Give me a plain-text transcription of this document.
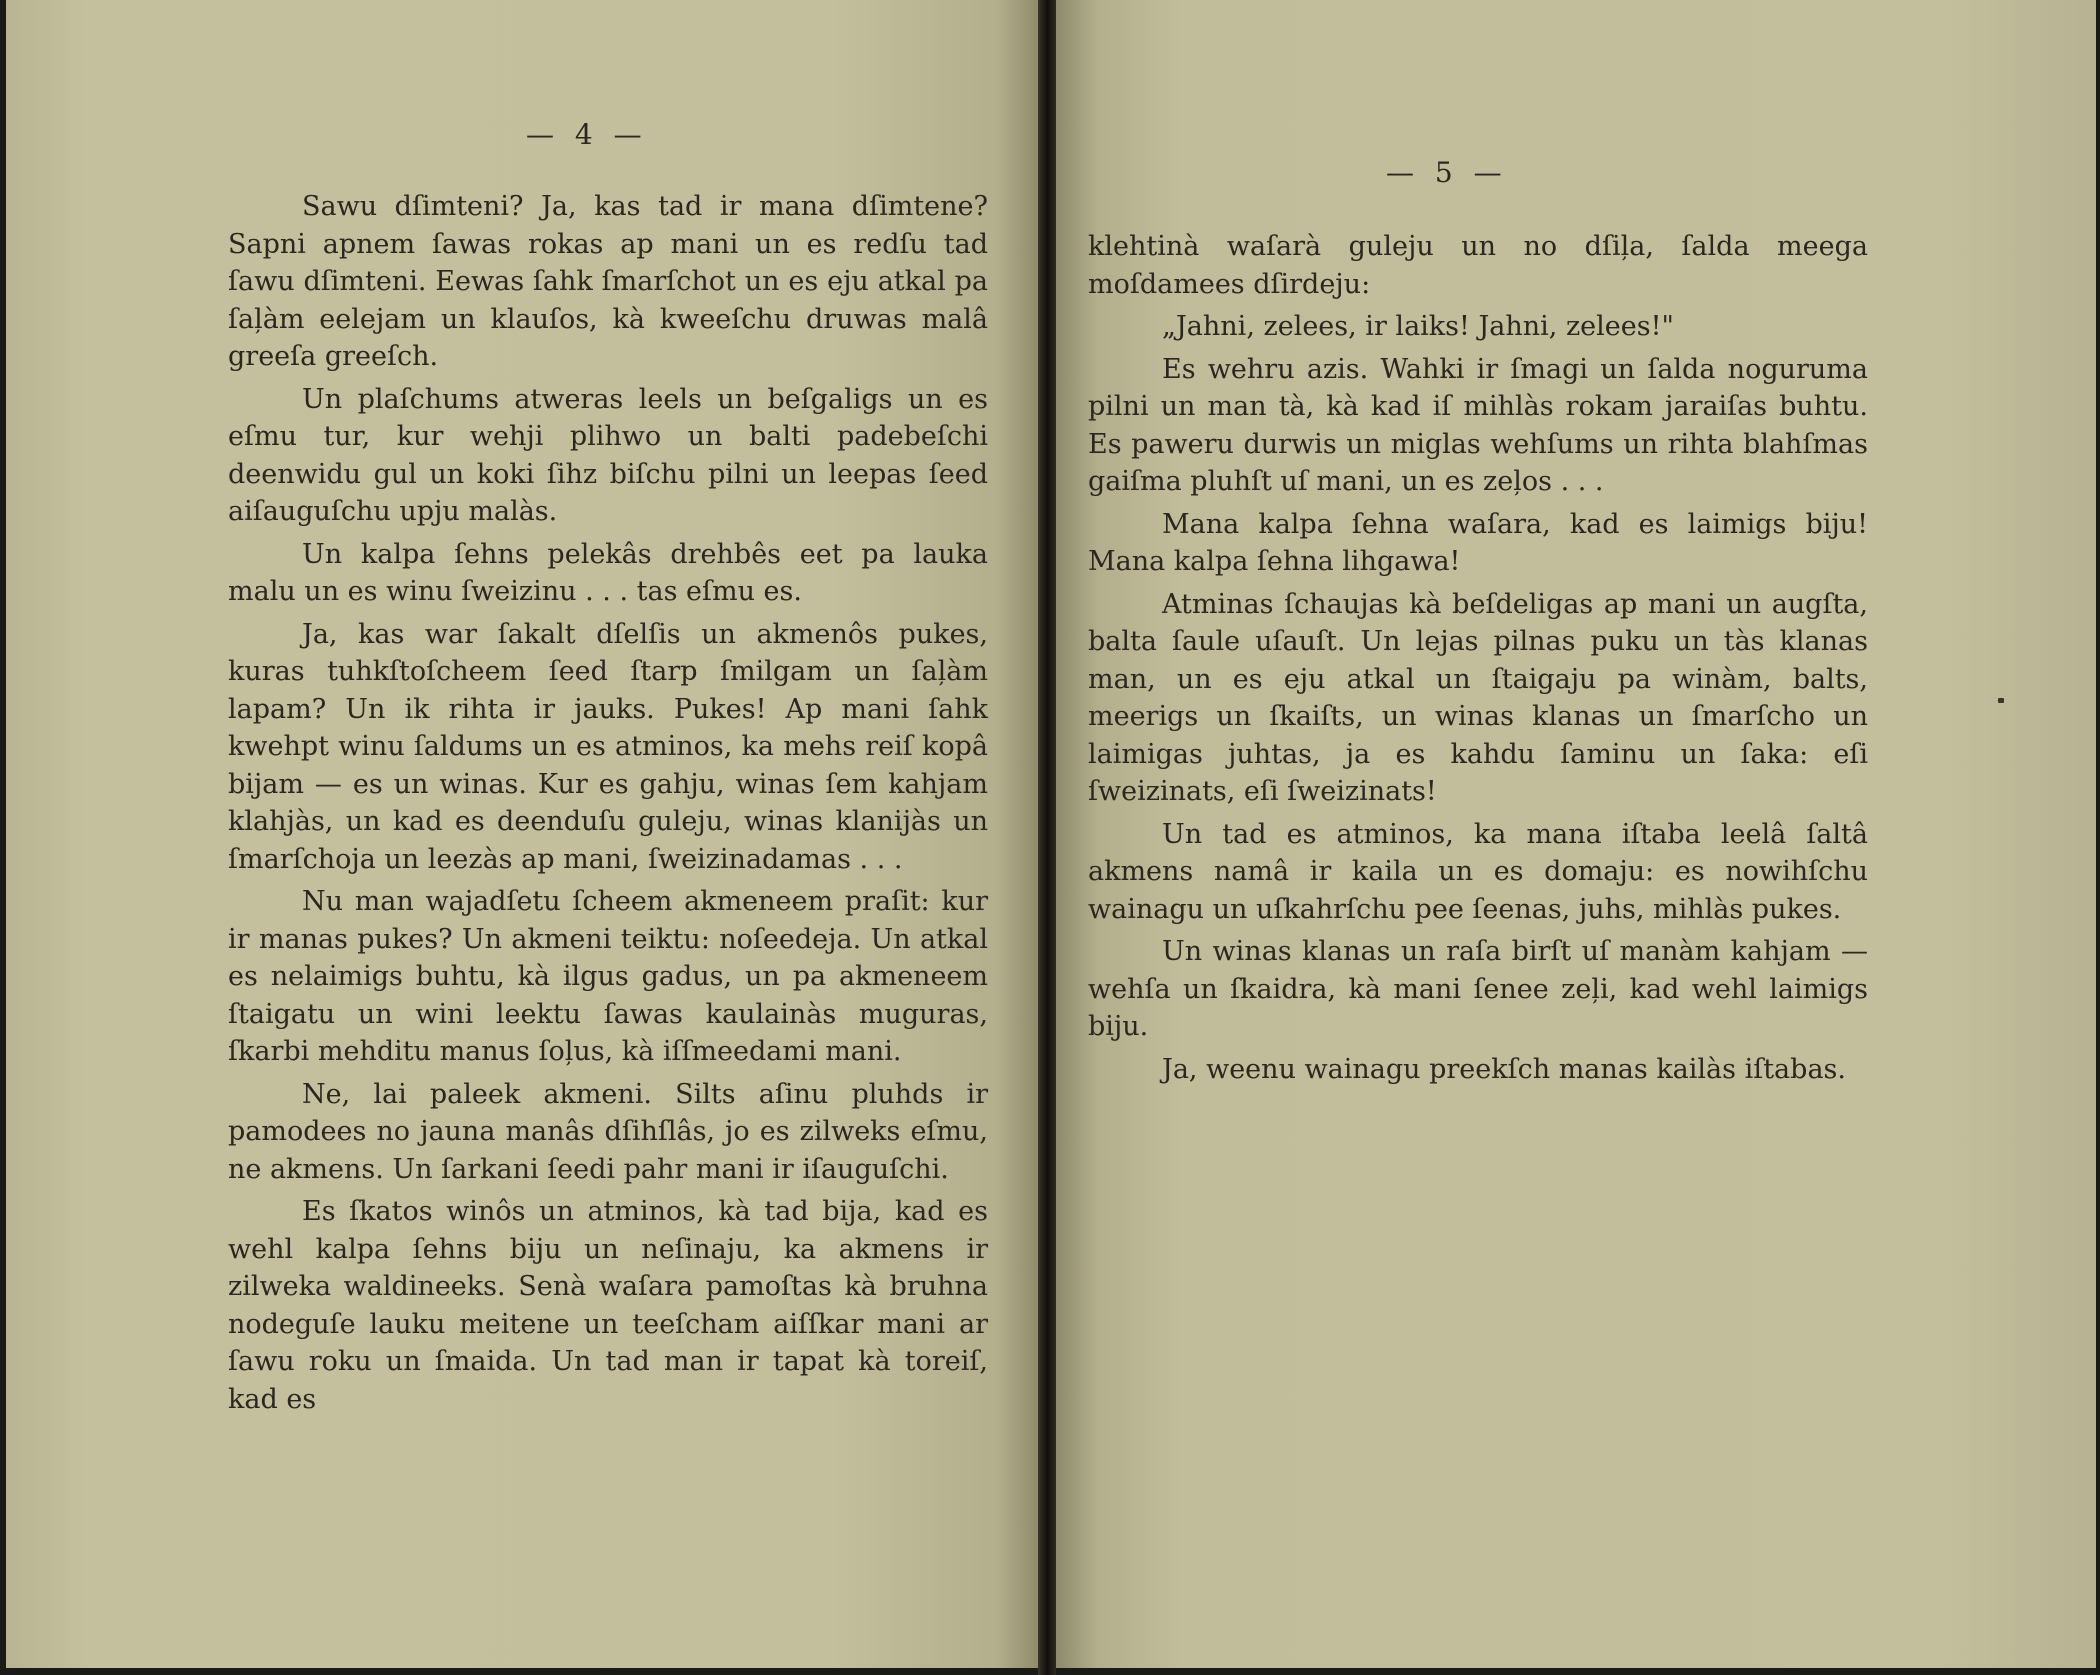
— 4 —

Sawu dſimteni? Ja, kas tad ir mana dſimtene? Sapni apnem ſawas rokas ap mani un es redſu tad ſawu dſimteni. Eewas ſahk ſmarſchot un es eju atkal pa ſaļàm eelejam un klauſos, kà kweeſchu druwas malâ greeſa greeſch.

Un plaſchums atweras leels un beſgaligs un es eſmu tur, kur wehji plihwo un balti padebeſchi deenwidu gul un koki ſihz biſchu pilni un leepas ſeed aiſauguſchu upju malàs.

Un kalpa ſehns pelekâs drehbês eet pa lauka malu un es winu ſweizinu . . . tas eſmu es.

Ja, kas war ſakalt dſelſis un akmenôs pukes, kuras tuhkſtoſcheem ſeed ſtarp ſmilgam un ſaļàm lapam? Un ik rihta ir jauks. Pukes! Ap mani ſahk kwehpt winu ſaldums un es atminos, ka mehs reiſ kopâ bijam — es un winas. Kur es gahju, winas ſem kahjam klahjàs, un kad es deenduſu guleju, winas klanijàs un ſmarſchoja un leezàs ap mani, ſweizinadamas . . .

Nu man wajadſetu ſcheem akmeneem praſit: kur ir manas pukes? Un akmeni teiktu: noſeedeja. Un atkal es nelaimigs buhtu, kà ilgus gadus, un pa akmeneem ſtaigatu un wini leektu ſawas kaulainàs muguras, ſkarbi mehditu manus ſoļus, kà iſſmeedami mani.

Ne, lai paleek akmeni. Silts aſinu pluhds ir pamodees no jauna manâs dſihſlâs, jo es zilweks eſmu, ne akmens. Un ſarkani ſeedi pahr mani ir iſauguſchi.

Es ſkatos winôs un atminos, kà tad bija, kad es wehl kalpa ſehns biju un neſinaju, ka akmens ir zilweka waldineeks. Senà waſara pamoſtas kà bruhna nodeguſe lauku meitene un teeſcham aiſſkar mani ar ſawu roku un ſmaida. Un tad man ir tapat kà toreiſ, kad es

— 5 —

klehtinà waſarà guleju un no dſiļa, ſalda meega moſdamees dſirdeju:

„Jahni, zelees, ir laiks! Jahni, zelees!"

Es wehru azis. Wahki ir ſmagi un ſalda noguruma pilni un man tà, kà kad iſ mihlàs rokam jaraiſas buhtu. Es paweru durwis un miglas wehſums un rihta blahſmas gaiſma pluhſt uſ mani, un es zeļos . . .

Mana kalpa ſehna waſara, kad es laimigs biju! Mana kalpa ſehna lihgawa!

Atminas ſchaujas kà beſdeligas ap mani un augſta, balta ſaule uſauſt. Un lejas pilnas puku un tàs klanas man, un es eju atkal un ſtaigaju pa winàm, balts, meerigs un ſkaiſts, un winas klanas un ſmarſcho un laimigas juhtas, ja es kahdu ſaminu un ſaka: eſi ſweizinats, eſi ſweizinats!

Un tad es atminos, ka mana iſtaba leelâ ſaltâ akmens namâ ir kaila un es domaju: es nowihſchu wainagu un uſkahrſchu pee ſeenas, juhs, mihlàs pukes.

Un winas klanas un raſa birſt uſ manàm kahjam — wehſa un ſkaidra, kà mani ſenee zeļi, kad wehl laimigs biju.

Ja, weenu wainagu preekſch manas kailàs iſtabas.
